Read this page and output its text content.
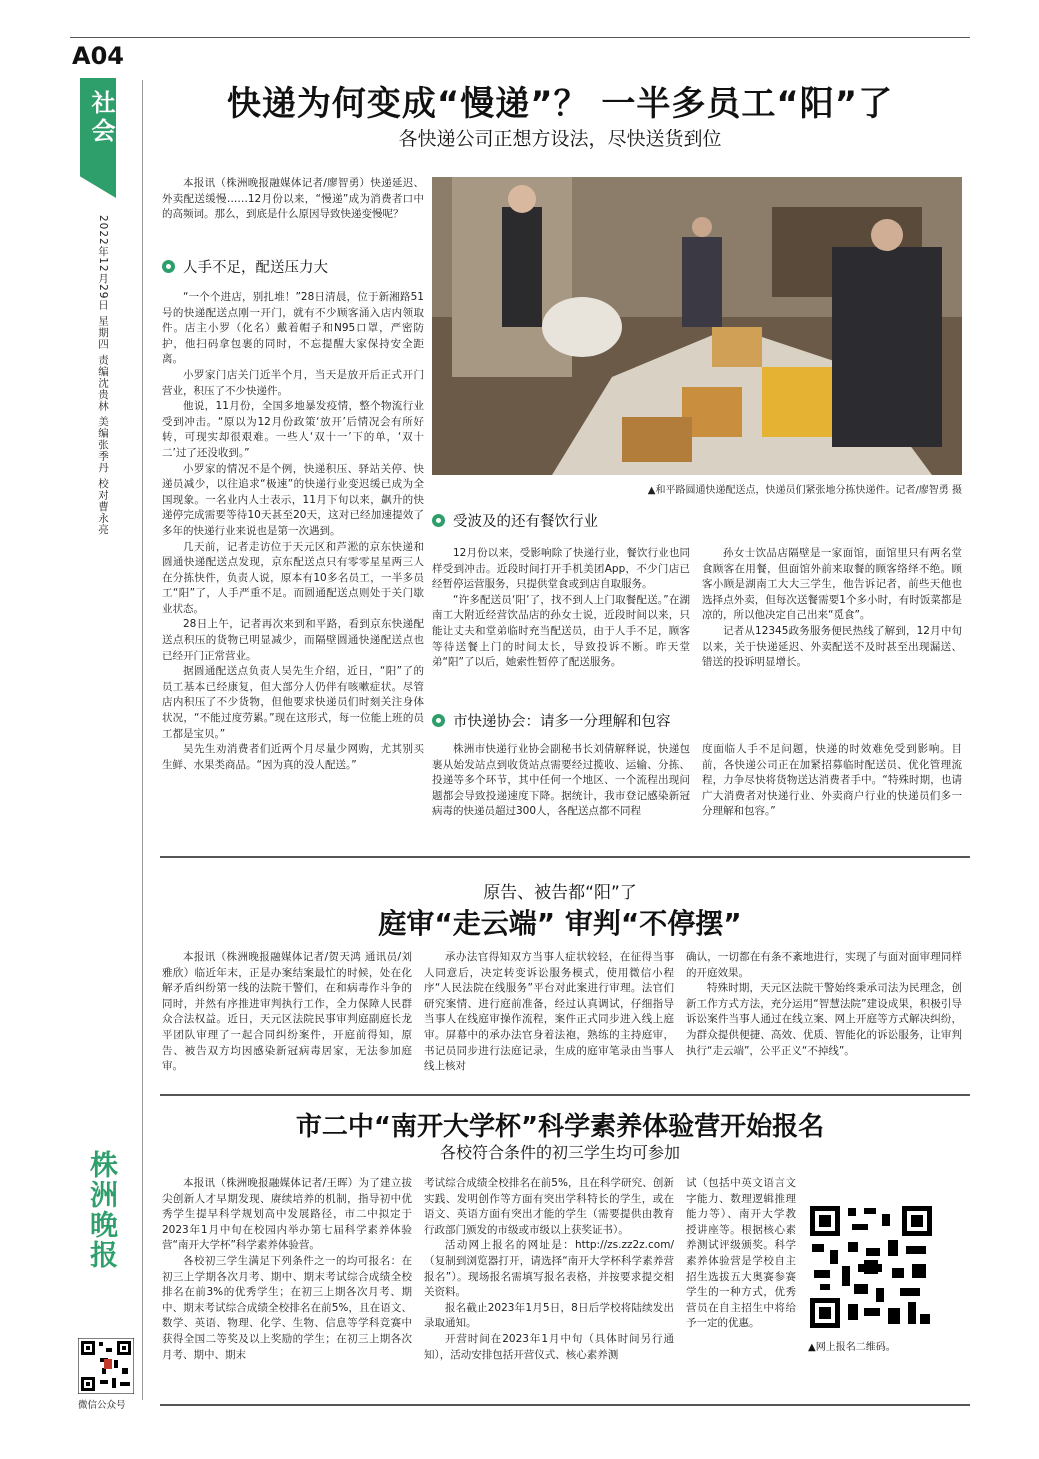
A04
社会
2022年12月29日 星期四 责编沈贵林 美编张季丹 校对曹永亮
株洲晚报
微信公众号
快递为何变成“慢递”？ 一半多员工“阳”了
各快递公司正想方设法，尽快送货到位

本报讯（株洲晚报融媒体记者/廖智勇）快递延迟、外卖配送缓慢……12月份以来，“慢递”成为消费者口中的高频词。那么，到底是什么原因导致快递变慢呢？

人手不足，配送压力大

“一个个进店，别扎堆！”28日清晨，位于新湘路51号的快递配送点刚一开门，就有不少顾客涌入店内领取件。店主小罗（化名）戴着帽子和N95口罩，严密防护，他扫码拿包裹的同时，不忘提醒大家保持安全距离。

小罗家门店关门近半个月，当天是放开后正式开门营业，积压了不少快递件。

他说，11月份，全国多地暴发疫情，整个物流行业受到冲击。“原以为12月份政策‘放开’后情况会有所好转，可现实却很艰难。一些人‘双十一’下的单，‘双十二’过了还没收到。”

小罗家的情况不是个例，快递积压、驿站关停、快递员减少，以往追求“极速”的快递行业变迟缓已成为全国现象。一名业内人士表示，11月下旬以来，飙升的快递停完成需要等待10天甚至20天，这对已经加速提效了多年的快递行业来说也是第一次遇到。

几天前，记者走访位于天元区和芦淞的京东快递和圆通快递配送点发现，京东配送点只有零零星星两三人在分拣快件，负责人说，原本有10多名员工，一半多员工“阳”了，人手严重不足。而圆通配送点则处于关门歇业状态。

28日上午，记者再次来到和平路，看到京东快递配送点积压的货物已明显减少，而隔壁圆通快递配送点也已经开门正常营业。

据圆通配送点负责人吴先生介绍，近日，“阳”了的员工基本已经康复，但大部分人仍伴有咳嗽症状。尽管店内积压了不少货物，但他要求快递员们时刻关注身体状况，“不能过度劳累。”现在这形式，每一位能上班的员工都是宝贝。”

吴先生劝消费者们近两个月尽量少网购，尤其别买生鲜、水果类商品。“因为真的没人配送。”

▲和平路圆通快递配送点，快递员们紧张地分拣快递件。记者/廖智勇 摄
受波及的还有餐饮行业

12月份以来，受影响除了快递行业，餐饮行业也同样受到冲击。近段时间打开手机美团App，不少门店已经暂停运营服务，只提供堂食或到店自取服务。

“许多配送员‘阳’了，找不到人上门取餐配送。”在湖南工大附近经营饮品店的孙女士说，近段时间以来，只能让丈夫和堂弟临时充当配送员，由于人手不足，顾客等待送餐上门的时间太长，导致投诉不断。昨天堂弟“阳”了以后，她索性暂停了配送服务。

孙女士饮品店隔壁是一家面馆，面馆里只有两名堂食顾客在用餐，但面馆外前来取餐的顾客络绎不绝。顾客小顾是湖南工大大三学生，他告诉记者，前些天他也选择点外卖，但每次送餐需要1个多小时，有时饭菜都是凉的，所以他决定自己出来“觅食”。

记者从12345政务服务便民热线了解到，12月中旬以来，关于快递延迟、外卖配送不及时甚至出现漏送、错送的投诉明显增长。

市快递协会：请多一分理解和包容

株洲市快递行业协会副秘书长刘倩解释说，快递包裹从始发站点到收货站点需要经过揽收、运输、分拣、投递等多个环节，其中任何一个地区、一个流程出现问题都会导致投递速度下降。据统计，我市登记感染新冠病毒的快递员超过300人，各配送点都不同程

度面临人手不足问题，快递的时效难免受到影响。目前，各快递公司正在加紧招募临时配送员、优化管理流程，力争尽快将货物送达消费者手中。“特殊时期，也请广大消费者对快递行业、外卖商户行业的快递员们多一分理解和包容。”

原告、被告都“阳”了
庭审“走云端” 审判“不停摆”

本报讯（株洲晚报融媒体记者/贺天鸿 通讯员/刘雅欣）临近年末，正是办案结案最忙的时候，处在化解矛盾纠纷第一线的法院干警们，在和病毒作斗争的同时，并然有序推进审判执行工作，全力保障人民群众合法权益。近日，天元区法院民事审判庭副庭长龙平团队审理了一起合同纠纷案件，开庭前得知，原告、被告双方均因感染新冠病毒居家，无法参加庭审。

承办法官得知双方当事人症状较轻，在征得当事人同意后，决定转变诉讼服务模式，使用微信小程序“人民法院在线服务”平台对此案进行审理。法官们研究案情、进行庭前准备，经过认真调试，仔细指导当事人在线庭审操作流程，案件正式同步进入线上庭审。屏幕中的承办法官身着法袍，熟练的主持庭审，书记员同步进行法庭记录，生成的庭审笔录由当事人线上核对

确认，一切都在有条不紊地进行，实现了与面对面审理同样的开庭效果。

特殊时期，天元区法院干警始终秉承司法为民理念，创新工作方式方法，充分运用“智慧法院”建设成果，积极引导诉讼案件当事人通过在线立案、网上开庭等方式解决纠纷，为群众提供便捷、高效、优质、智能化的诉讼服务，让审判执行“走云端”，公平正义“不掉线”。

市二中“南开大学杯”科学素养体验营开始报名
各校符合条件的初三学生均可参加

本报讯（株洲晚报融媒体记者/王晖）为了建立拔尖创新人才早期发现、赓续培养的机制，指导初中优秀学生提早科学规划高中发展路径，市二中拟定于2023年1月中旬在校园内举办第七届科学素养体验营“南开大学杯”科学素养体验营。

各校初三学生满足下列条件之一的均可报名：在初三上学期各次月考、期中、期末考试综合成绩全校排名在前3%的优秀学生；在初三上期各次月考、期中、期末考试综合成绩全校排名在前5%，且在语文、数学、英语、物理、化学、生物、信息等学科竞赛中获得全国二等奖及以上奖励的学生；在初三上期各次月考、期中、期末

考试综合成绩全校排名在前5%，且在科学研究、创新实践、发明创作等方面有突出学科特长的学生，或在语文、英语方面有突出才能的学生（需要提供由教育行政部门颁发的市级或市级以上获奖证书）。

活动网上报名的网址是：http://zs.zz2z.com/（复制到浏览器打开，请选择“南开大学杯科学素养营报名”）。现场报名需填写报名表格，并按要求提交相关资料。

报名截止2023年1月5日，8日后学校将陆续发出录取通知。

开营时间在2023年1月中旬（具体时间另行通知），活动安排包括开营仪式、核心素养测

试（包括中英文语言文字能力、数理逻辑推理能力等）、南开大学教授讲座等。根据核心素养测试评级颁奖。科学素养体验营是学校自主招生选拔五大奥赛参赛学生的一种方式，优秀营员在自主招生中将给予一定的优惠。

▲网上报名二维码。
